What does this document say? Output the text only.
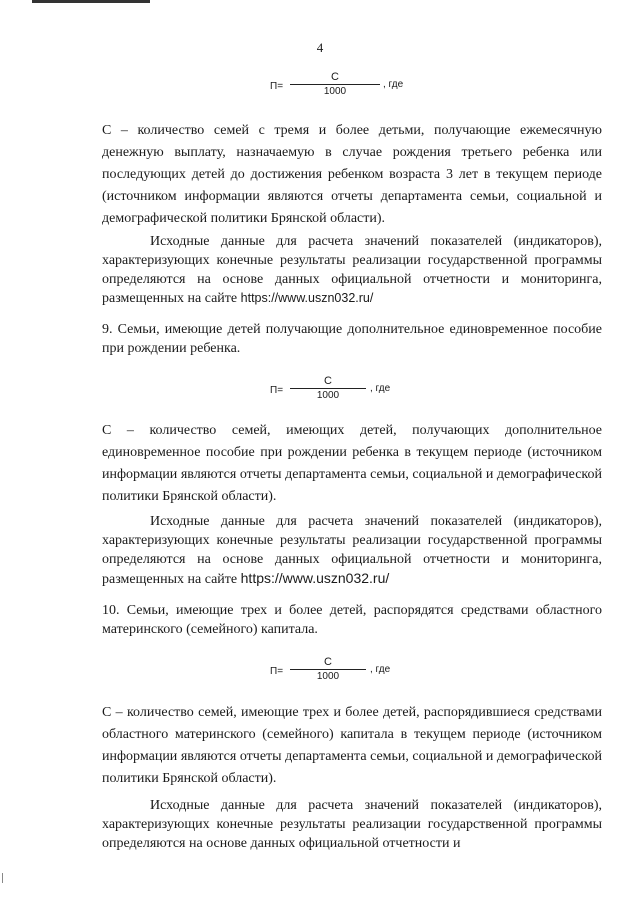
4
П=
С
1000
, где

С – количество семей с тремя и более детьми, получающие ежемесячную денежную выплату, назначаемую в случае рождения третьего ребенка или последующих детей до достижения ребенком возраста 3 лет в текущем периоде (источником информации являются отчеты департамента семьи, социальной и демографической политики Брянской области).

Исходные данные для расчета значений показателей (индикаторов), характеризующих конечные результаты реализации государственной программы определяются на основе данных официальной отчетности и мониторинга, размещенных на сайте https://www.uszn032.ru/

9. Семьи, имеющие детей получающие дополнительное единовременное пособие при рождении ребенка.

П=
С
1000
, где

С – количество семей, имеющих детей, получающих дополнительное единовременное пособие при рождении ребенка в текущем периоде (источником информации являются отчеты департамента семьи, социальной и демографической политики Брянской области).

Исходные данные для расчета значений показателей (индикаторов), характеризующих конечные результаты реализации государственной программы определяются на основе данных официальной отчетности и мониторинга, размещенных на сайте https://www.uszn032.ru/

10. Семьи, имеющие трех и более детей, распорядятся средствами областного материнского (семейного) капитала.

П=
С
1000
, где

С – количество семей, имеющие трех и более детей, распорядившиеся средствами областного материнского (семейного) капитала в текущем периоде (источником информации являются отчеты департамента семьи, социальной и демографической политики Брянской области).

Исходные данные для расчета значений показателей (индикаторов), характеризующих конечные результаты реализации государственной программы определяются на основе данных официальной отчетности и
